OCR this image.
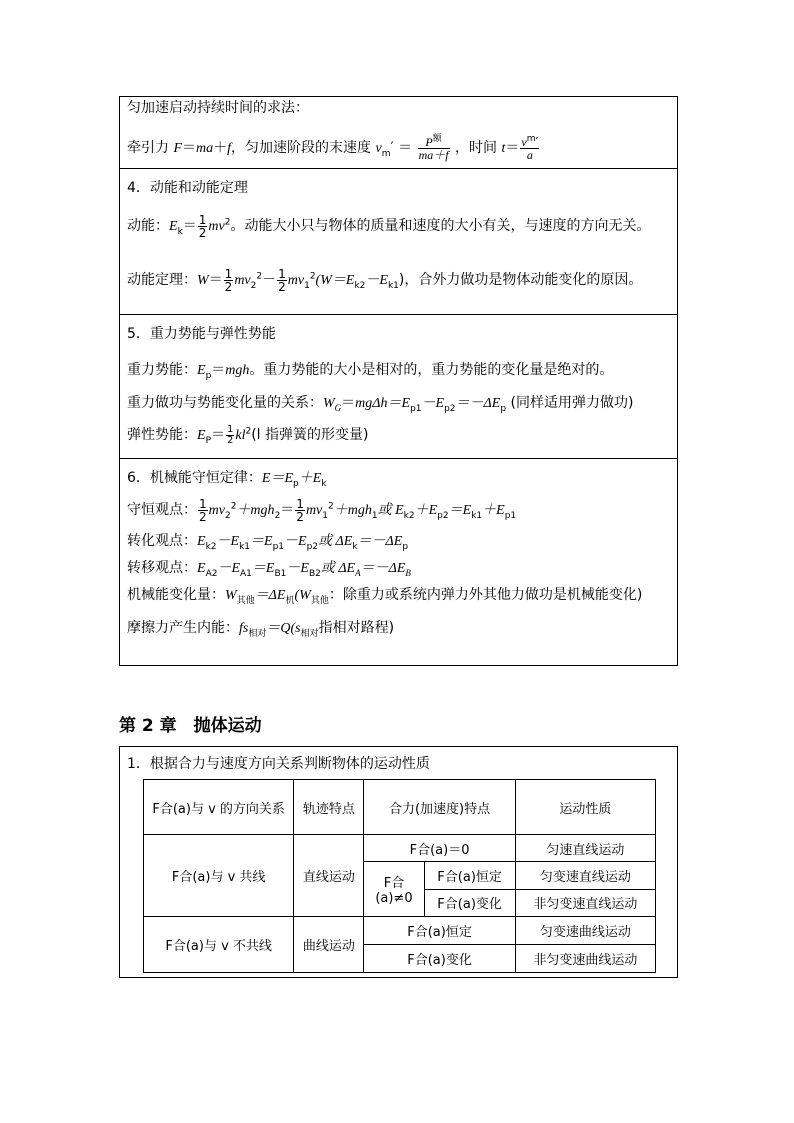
匀加速启动持续时间的求法：
牵引力 F＝ma＋f，匀加速阶段的末速度 $v_m' = \frac{P^额}{ma+f}$ ，时间 $t= \frac{v^m'}{a}$
4．动能和动能定理
动能：$E_k= \frac{1}{2} mv^2$。动能大小只与物体的质量和速度的大小有关，与速度的方向无关。
动能定理：$W= \frac{1}{2} mv_2^2- \frac{1}{2} mv_1^2(W=E_{k2}-E_{k1})$，合外力做功是物体动能变化的原因。
5．重力势能与弹性势能
重力势能：$E_p=mgh$。重力势能的大小是相对的，重力势能的变化量是绝对的。
重力做功与势能变化量的关系：$W_G=mg\Delta h=E_{p1}-E_{p2}=-\Delta E_p$ (同样适用弹力做功)
弹性势能：$E_P= \frac{1}{2} kl^2(l$ 指弹簧的形变量)
6．机械能守恒定律：$E=E_p+E_k$
守恒观点： $\frac{1}{2} mv_2^2+mgh_2= \frac{1}{2} mv_1^2+mgh_1$或 $E_{k2}+E_{p2}=E_{k1}+E_{p1}$
转化观点：$E_{k2}-E_{k1}=E_{p1}-E_{p2}$或 $\Delta E_k=-\Delta E_p$
转移观点：$E_{A2}-E_{A1}=E_{B1}-E_{B2}$或 $\Delta E_A=-\Delta E_B$
机械能变化量：$W_{其他}=\Delta E_机(W_{其他}$：除重力或系统内弹力外其他力做功是机械能变化)
摩擦力产生内能：$fs_{相对}=Q(s_{相对}$指相对路程)
第 2 章　抛体运动
1．根据合力与速度方向关系判断物体的运动性质
F合(a)与 v 的方向关系	轨迹特点	合力(加速度)特点		运动性质
F合(a)与 v 共线	直线运动	F合(a)＝0		匀速直线运动
		F合(a)≠0	F合(a)恒定	匀变速直线运动
			F合(a)变化	非匀变速直线运动
F合(a)与 v 不共线	曲线运动	F合(a)恒定		匀变速曲线运动
		F合(a)变化		非匀变速曲线运动
